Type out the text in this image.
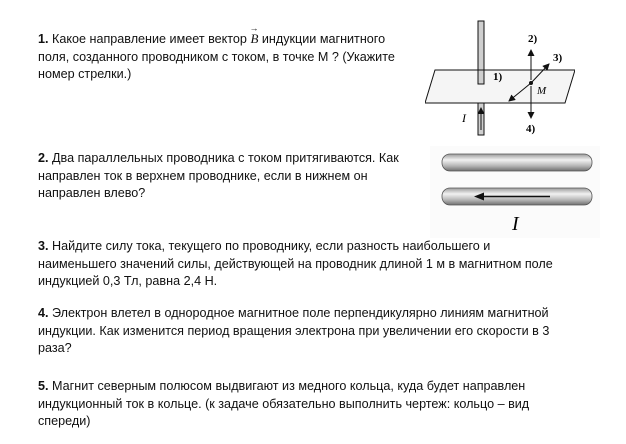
1. Какое направление имеет вектор → B индукции магнитного
поля, созданного проводником с током, в точке М ? (Укажите
номер стрелки.)
I
M
2)
4)
3)
1)
2. Два параллельных проводника с током притягиваются. Как
направлен ток в верхнем проводнике, если в нижнем он
направлен влево?
I
3. Найдите силу тока, текущего по проводнику, если разность наибольшего и
наименьшего значений силы, действующей на проводник длиной 1 м в магнитном поле
индукцией 0,3 Тл, равна 2,4 Н.
4. Электрон влетел в однородное магнитное поле перпендикулярно линиям магнитной
индукции. Как изменится период вращения электрона при увеличении его скорости в 3
раза?
5. Магнит северным полюсом выдвигают из медного кольца, куда будет направлен
индукционный ток в кольце. (к задаче обязательно выполнить чертеж: кольцо – вид
спереди)
